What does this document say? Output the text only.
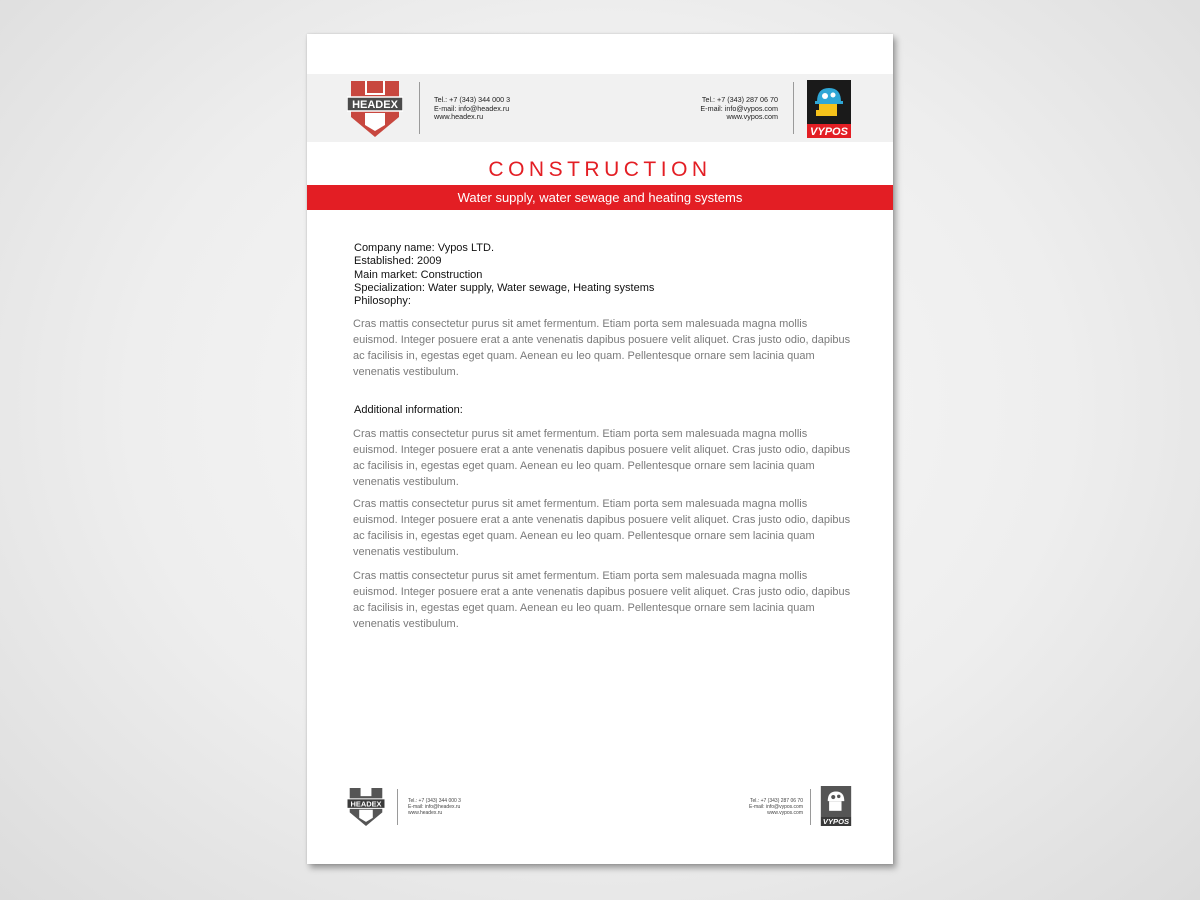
HEADEX	Tel.: +7 (343) 344 000 3
E-mail: info@headex.ru
www.headex.ru
Tel.: +7 (343) 287 06 70
E-mail: info@vypos.com
www.vypos.com
VYPOS
CONSTRUCTION
Water supply, water sewage and heating systems
Company name: Vypos LTD.
Established: 2009
Main market: Construction
Specialization: Water supply, Water sewage, Heating systems
Philosophy:

Cras mattis consectetur purus sit amet fermentum. Etiam porta sem malesuada magna mollis euismod. Integer posuere erat a ante venenatis dapibus posuere velit aliquet. Cras justo odio, dapibus ac facilisis in, egestas eget quam. Aenean eu leo quam. Pellentesque ornare sem lacinia quam venenatis vestibulum.

Additional information:

Cras mattis consectetur purus sit amet fermentum. Etiam porta sem malesuada magna mollis euismod. Integer posuere erat a ante venenatis dapibus posuere velit aliquet. Cras justo odio, dapibus ac facilisis in, egestas eget quam. Aenean eu leo quam. Pellentesque ornare sem lacinia quam venenatis vestibulum.

Cras mattis consectetur purus sit amet fermentum. Etiam porta sem malesuada magna mollis euismod. Integer posuere erat a ante venenatis dapibus posuere velit aliquet. Cras justo odio, dapibus ac facilisis in, egestas eget quam. Aenean eu leo quam. Pellentesque ornare sem lacinia quam venenatis vestibulum.

Cras mattis consectetur purus sit amet fermentum. Etiam porta sem malesuada magna mollis euismod. Integer posuere erat a ante venenatis dapibus posuere velit aliquet. Cras justo odio, dapibus ac facilisis in, egestas eget quam. Aenean eu leo quam. Pellentesque ornare sem lacinia quam venenatis vestibulum.

HEADEX	Tel.: +7 (343) 344 000 3
E-mail: info@headex.ru
www.headex.ru
Tel.: +7 (343) 287 06 70
E-mail: info@vypos.com
www.vypos.com
VYPOS
